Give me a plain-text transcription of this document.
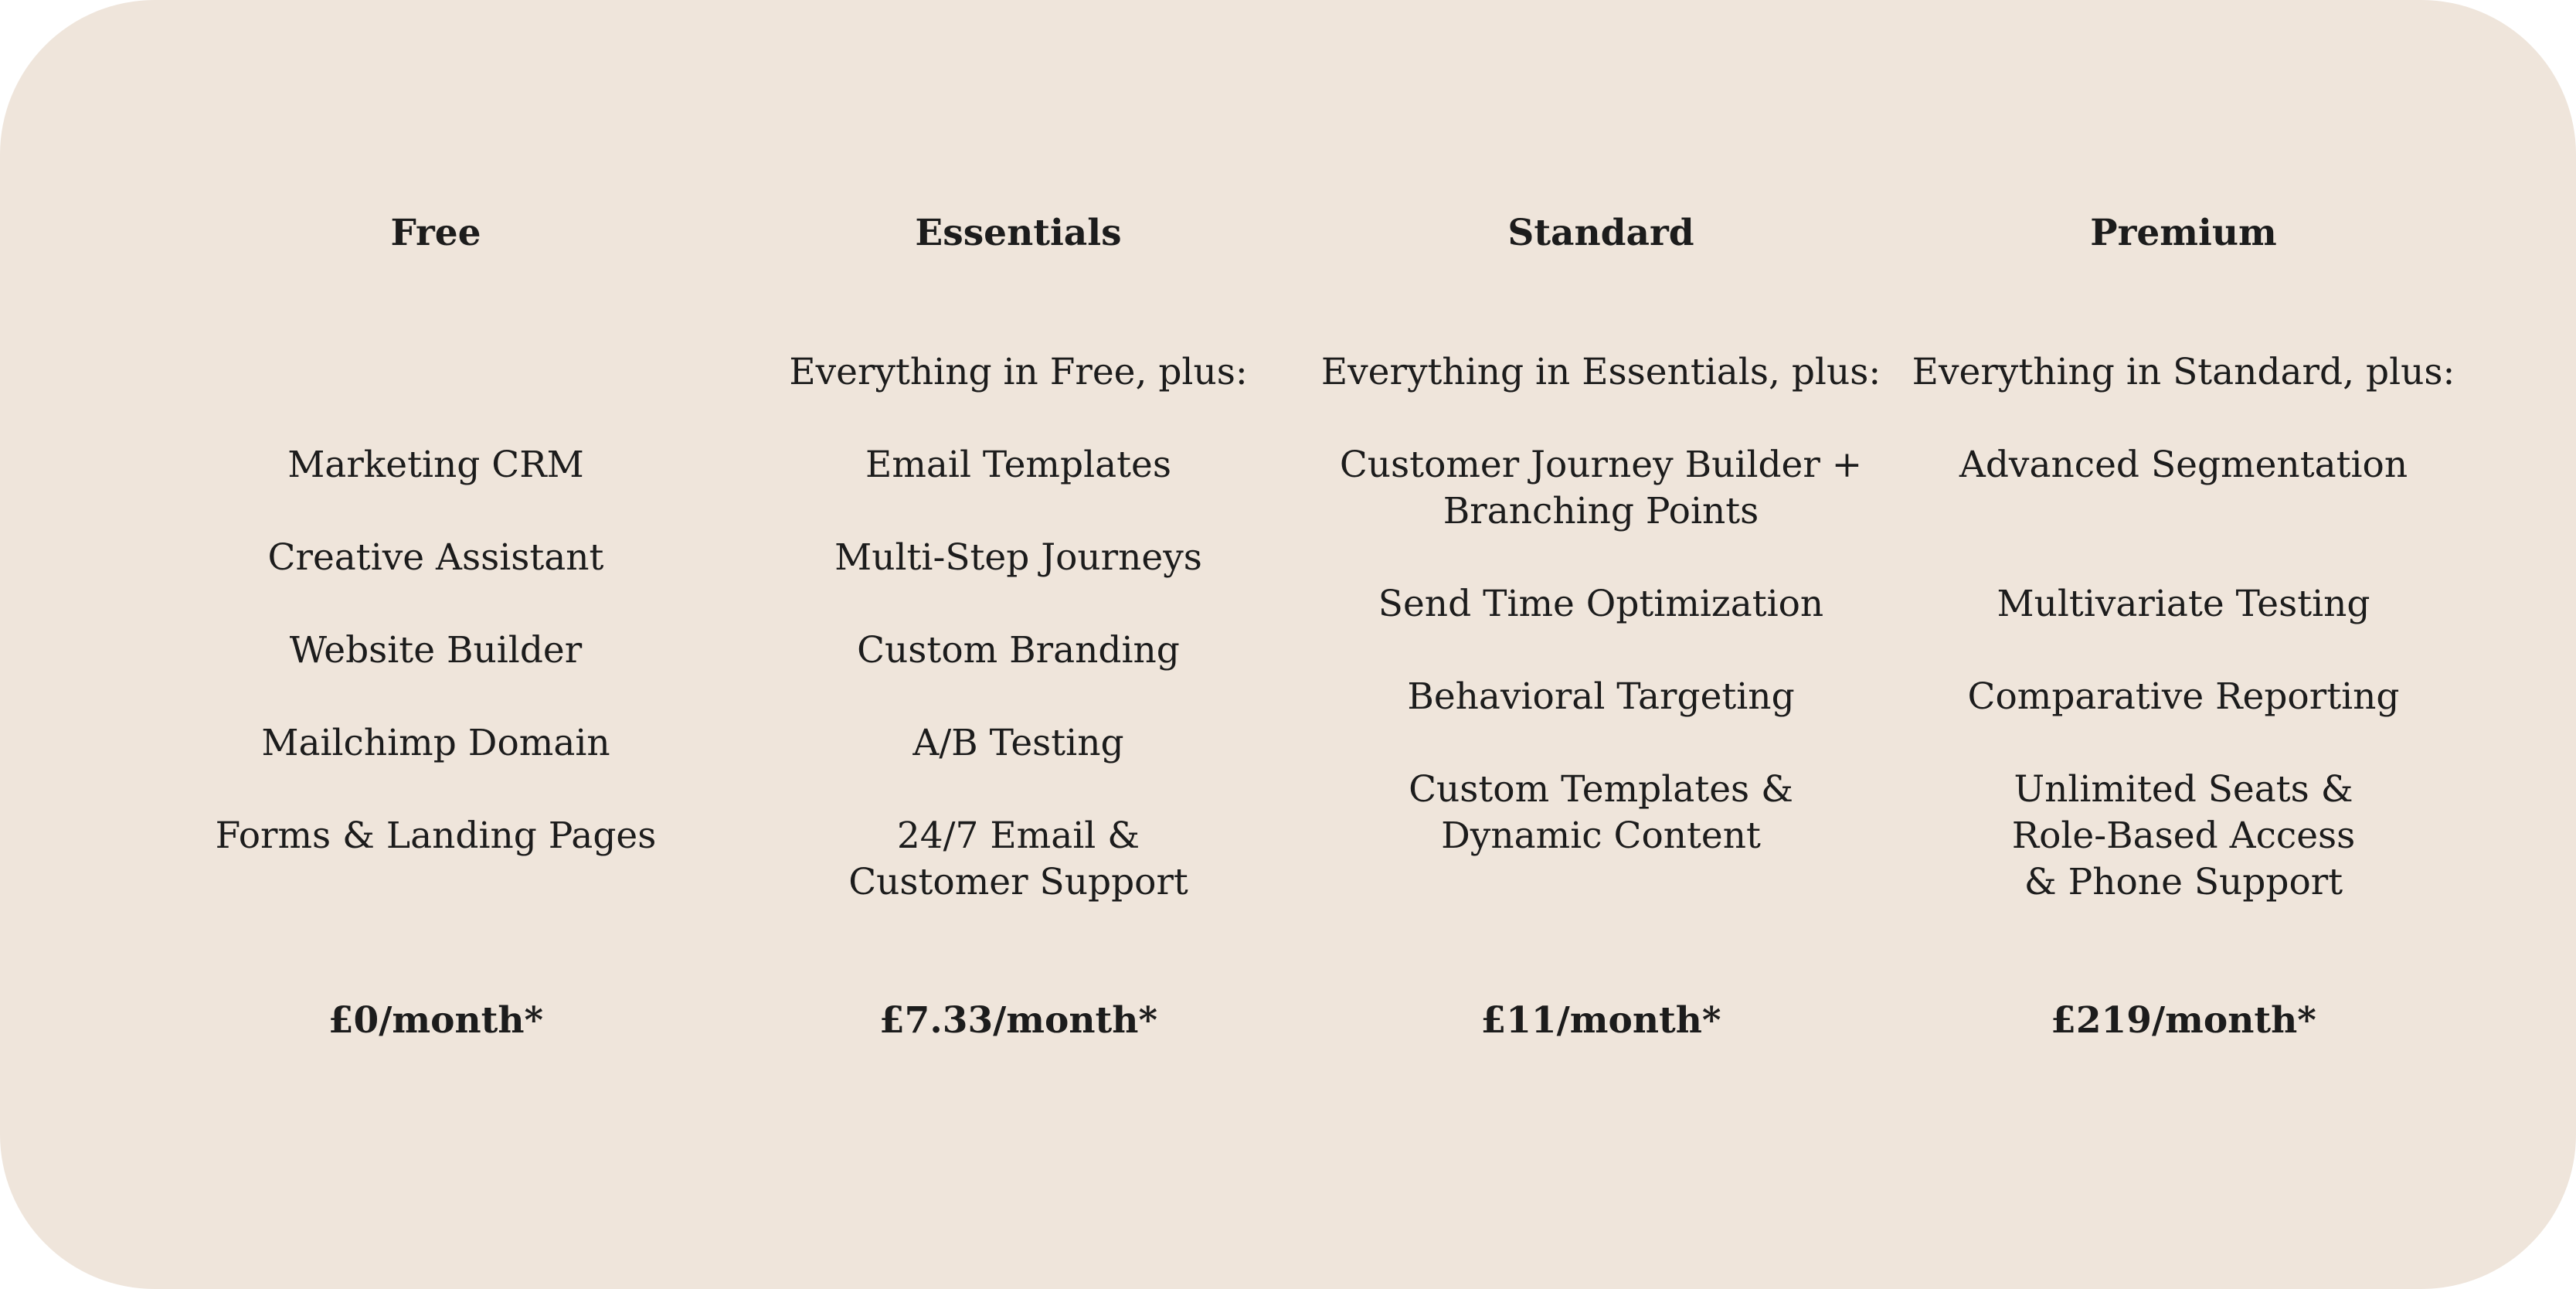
Free
Marketing CRM
Creative Assistant
Website Builder
Mailchimp Domain
Forms & Landing Pages
£0/month*
Essentials
Everything in Free, plus:
Email Templates
Multi-Step Journeys
Custom Branding
A/B Testing
24/7 Email &
Customer Support
£7.33/month*
Standard
Everything in Essentials, plus:
Customer Journey Builder +
Branching Points
Send Time Optimization
Behavioral Targeting
Custom Templates &
Dynamic Content
£11/month*
Premium
Everything in Standard, plus:
Advanced Segmentation
Multivariate Testing
Comparative Reporting
Unlimited Seats &
Role-Based Access
& Phone Support
£219/month*
